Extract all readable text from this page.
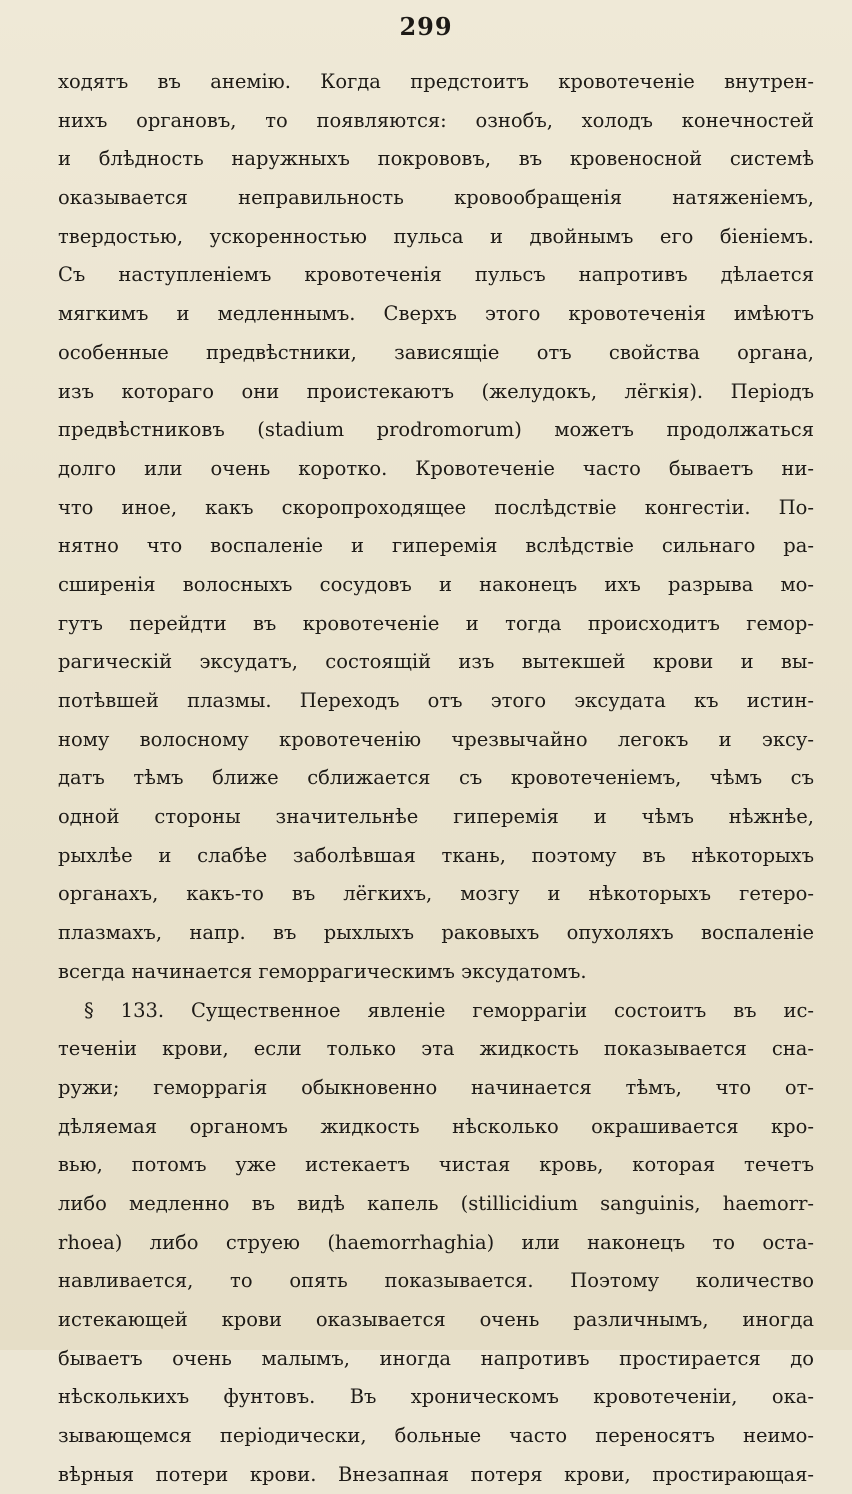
299
ходятъ въ анемію. Когда предстоитъ кровотеченіе внутрен-
нихъ органовъ, то появляются: ознобъ, холодъ конечностей
и блѣдность наружныхъ покрововъ, въ кровеносной системѣ
оказывается неправильность кровообращенія натяженіемъ,
твердостью, ускоренностью пульса и двойнымъ его біеніемъ.
Съ наступленіемъ кровотеченія пульсъ напротивъ дѣлается
мягкимъ и медленнымъ. Сверхъ этого кровотеченія имѣютъ
особенные предвѣстники, зависящіе отъ свойства органа,
изъ котораго они проистекаютъ (желудокъ, лёгкія). Періодъ
предвѣстниковъ (stadium prodromorum) можетъ продолжаться
долго или очень коротко. Кровотеченіе часто бываетъ ни-
что иное, какъ скоропроходящее послѣдствіе конгестіи. По-
нятно что воспаленіе и гиперемія вслѣдствіе сильнаго ра-
сширенія волосныхъ сосудовъ и наконецъ ихъ разрыва мо-
гутъ перейдти въ кровотеченіе и тогда происходитъ гемор-
рагическій эксудатъ, состоящій изъ вытекшей крови и вы-
потѣвшей плазмы. Переходъ отъ этого эксудата къ истин-
ному волосному кровотеченію чрезвычайно легокъ и эксу-
датъ тѣмъ ближе сближается съ кровотеченіемъ, чѣмъ съ
одной стороны значительнѣе гиперемія и чѣмъ нѣжнѣе,
рыхлѣе и слабѣе заболѣвшая ткань, поэтому въ нѣкоторыхъ
органахъ, какъ-то въ лёгкихъ, мозгу и нѣкоторыхъ гетеро-
плазмахъ, напр. въ рыхлыхъ раковыхъ опухоляхъ воспаленіе
всегда начинается геморрагическимъ эксудатомъ.
§ 133. Существенное явленіе геморрагіи состоитъ въ ис-
теченіи крови, если только эта жидкость показывается сна-
ружи; геморрагія обыкновенно начинается тѣмъ, что от-
дѣляемая органомъ жидкость нѣсколько окрашивается кро-
вью, потомъ уже истекаетъ чистая кровь, которая течетъ
либо медленно въ видѣ капель (stillicidium sanguinis, haemorr-
rhoea) либо струею (haemorrhaghia) или наконецъ то оста-
навливается, то опять показывается. Поэтому количество
истекающей крови оказывается очень различнымъ, иногда
бываетъ очень малымъ, иногда напротивъ простирается до
нѣсколькихъ фунтовъ. Въ хроническомъ кровотеченіи, ока-
зывающемся періодически, больные часто переносятъ неимо-
вѣрныя потери крови. Внезапная потеря крови, простирающая-
